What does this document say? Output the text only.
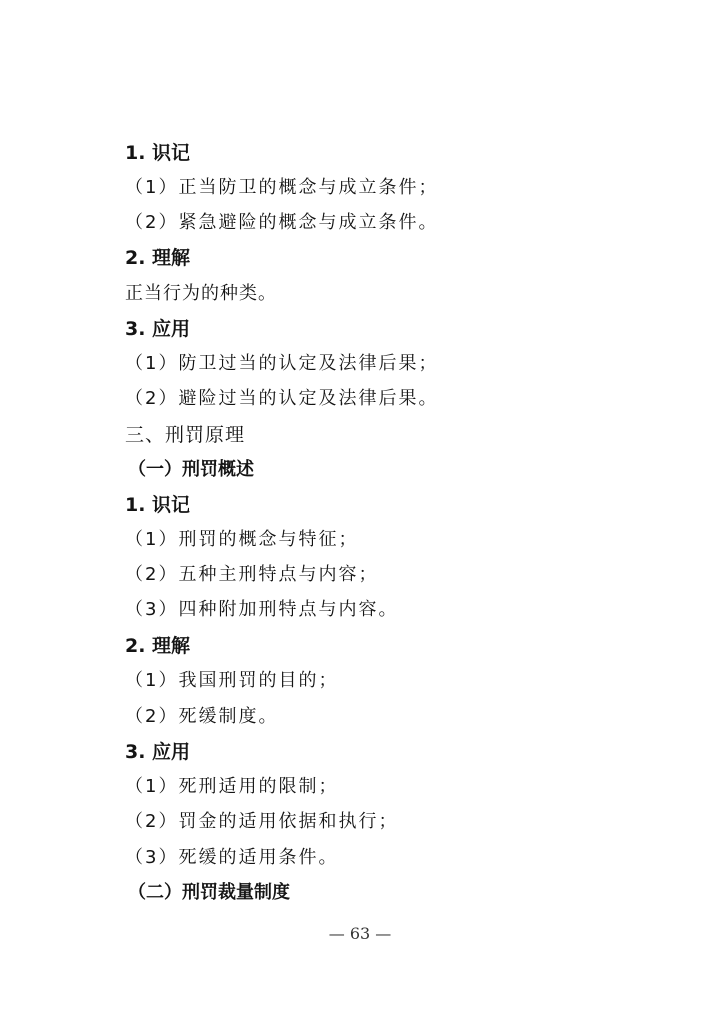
1. 识记
（1）正当防卫的概念与成立条件；
（2）紧急避险的概念与成立条件。
2. 理解
正当行为的种类。
3. 应用
（1）防卫过当的认定及法律后果；
（2）避险过当的认定及法律后果。
三、刑罚原理
（一）刑罚概述
1. 识记
（1）刑罚的概念与特征；
（2）五种主刑特点与内容；
（3）四种附加刑特点与内容。
2. 理解
（1）我国刑罚的目的；
（2）死缓制度。
3. 应用
（1）死刑适用的限制；
（2）罚金的适用依据和执行；
（3）死缓的适用条件。
（二）刑罚裁量制度
— 63 —
